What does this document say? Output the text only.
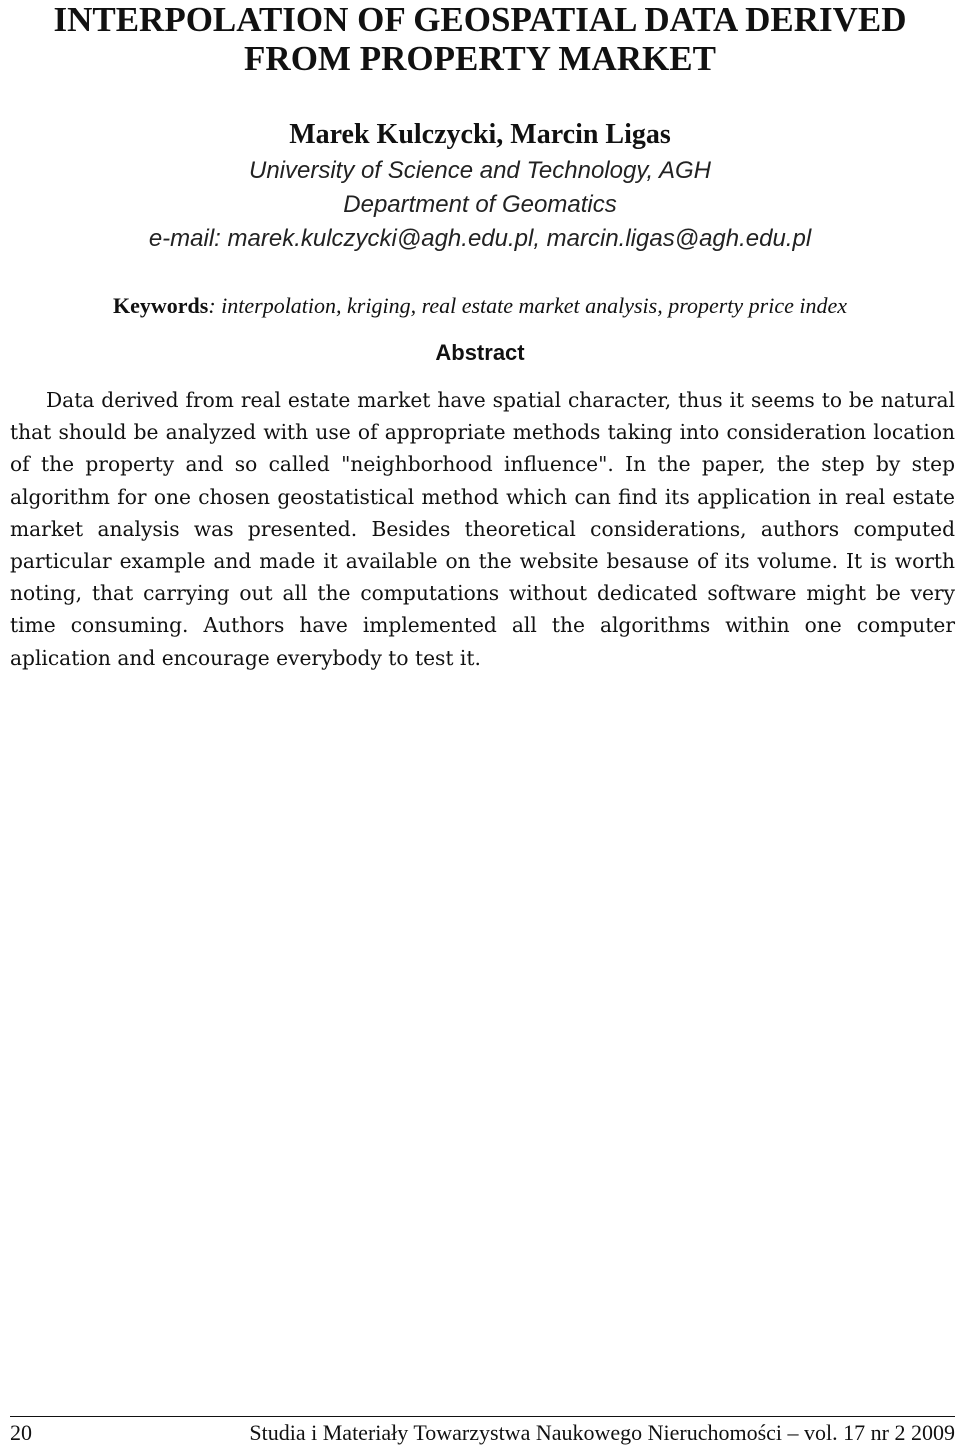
INTERPOLATION OF GEOSPATIAL DATA DERIVED
FROM PROPERTY MARKET
Marek Kulczycki, Marcin Ligas
University of Science and Technology, AGH
Department of Geomatics
e-mail: marek.kulczycki@agh.edu.pl, marcin.ligas@agh.edu.pl
Keywords: interpolation, kriging, real estate market analysis, property price index
Abstract

Data derived from real estate market have spatial character, thus it seems to be natural that should be analyzed with use of appropriate methods taking into consideration location of the property and so called "neighborhood influence". In the paper, the step by step algorithm for one chosen geostatistical method which can find its application in real estate market analysis was presented. Besides theoretical considerations, authors computed particular example and made it available on the website besause of its volume. It is worth noting, that carrying out all the computations without dedicated software might be very time consuming. Authors have implemented all the algorithms within one computer aplication and encourage everybody to test it.

20	Studia i Materiały Towarzystwa Naukowego Nieruchomości – vol. 17 nr 2 2009
